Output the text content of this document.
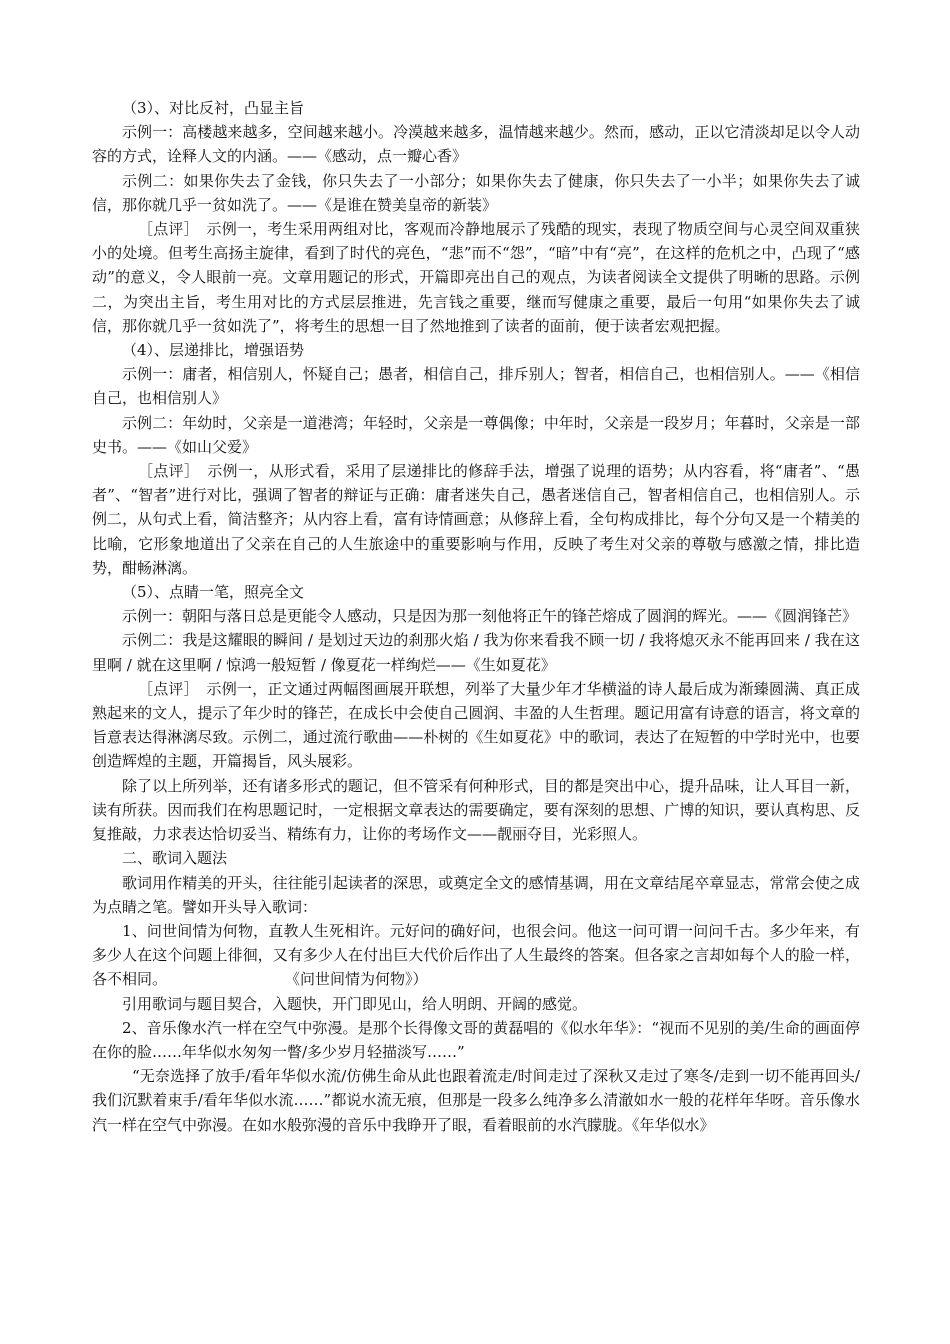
（3）、对比反衬，凸显主旨

示例一：高楼越来越多，空间越来越小。冷漠越来越多，温情越来越少。然而，感动，正以它清淡却足以令人动容的方式，诠释人文的内涵。——《感动，点一瓣心香》

示例二：如果你失去了金钱，你只失去了一小部分；如果你失去了健康，你只失去了一小半；如果你失去了诚信，那你就几乎一贫如洗了。——《是谁在赞美皇帝的新装》

［点评］　示例一，考生采用两组对比，客观而冷静地展示了残酷的现实，表现了物质空间与心灵空间双重狭小的处境。但考生高扬主旋律，看到了时代的亮色，“悲”而不“怨”，“暗”中有“亮”，在这样的危机之中，凸现了“感动”的意义，令人眼前一亮。文章用题记的形式，开篇即亮出自己的观点，为读者阅读全文提供了明晰的思路。示例二，为突出主旨，考生用对比的方式层层推进，先言钱之重要，继而写健康之重要，最后一句用“如果你失去了诚信，那你就几乎一贫如洗了”，将考生的思想一目了然地推到了读者的面前，便于读者宏观把握。

（4）、层递排比，增强语势

示例一：庸者，相信别人，怀疑自己；愚者，相信自己，排斥别人；智者，相信自己，也相信别人。——《相信自己，也相信别人》

示例二：年幼时，父亲是一道港湾；年轻时，父亲是一尊偶像；中年时，父亲是一段岁月；年暮时，父亲是一部史书。——《如山父爱》

［点评］　示例一，从形式看，采用了层递排比的修辞手法，增强了说理的语势；从内容看，将“庸者”、“愚者”、“智者”进行对比，强调了智者的辩证与正确：庸者迷失自己，愚者迷信自己，智者相信自己，也相信别人。示例二，从句式上看，简洁整齐；从内容上看，富有诗情画意；从修辞上看，全句构成排比，每个分句又是一个精美的比喻，它形象地道出了父亲在自己的人生旅途中的重要影响与作用，反映了考生对父亲的尊敬与感激之情，排比造势，酣畅淋漓。

（5）、点睛一笔，照亮全文

示例一：朝阳与落日总是更能令人感动，只是因为那一刻他将正午的锋芒熔成了圆润的辉光。——《圆润锋芒》

示例二：我是这耀眼的瞬间 / 是划过天边的刹那火焰 / 我为你来看我不顾一切 / 我将熄灭永不能再回来 / 我在这里啊 / 就在这里啊 / 惊鸿一般短暂 / 像夏花一样绚烂——《生如夏花》

［点评］　示例一，正文通过两幅图画展开联想，列举了大量少年才华横溢的诗人最后成为渐臻圆满、真正成熟起来的文人，提示了年少时的锋芒，在成长中会使自己圆润、丰盈的人生哲理。题记用富有诗意的语言，将文章的旨意表达得淋漓尽致。示例二，通过流行歌曲——朴树的《生如夏花》中的歌词，表达了在短暂的中学时光中，也要创造辉煌的主题，开篇揭旨，风头展彩。

除了以上所列举，还有诸多形式的题记，但不管采有何种形式，目的都是突出中心，提升品味，让人耳目一新，读有所获。因而我们在构思题记时，一定根据文章表达的需要确定，要有深刻的思想、广博的知识，要认真构思、反复推敲，力求表达恰切妥当、精练有力，让你的考场作文——靓丽夺目，光彩照人。

二、歌词入题法

歌词用作精美的开头，往往能引起读者的深思，或奠定全文的感情基调，用在文章结尾卒章显志，常常会使之成为点睛之笔。譬如开头导入歌词：

1、问世间情为何物，直教人生死相许。元好问的确好问，也很会问。他这一问可谓一问问千古。多少年来，有多少人在这个问题上徘徊，又有多少人在付出巨大代价后作出了人生最终的答案。但各家之言却如每个人的脸一样，各不相同。	《问世间情为何物》）

引用歌词与题目契合，入题快，开门即见山，给人明朗、开阔的感觉。

2、音乐像水汽一样在空气中弥漫。是那个长得像文哥的黄磊唱的《似水年华》：“视而不见别的美/生命的画面停在你的脸……年华似水匆匆一瞥/多少岁月轻描淡写……”

“无奈选择了放手/看年华似水流/仿佛生命从此也跟着流走/时间走过了深秋又走过了寒冬/走到一切不能再回头/我们沉默着束手/看年华似水流……”都说水流无痕，但那是一段多么纯净多么清澈如水一般的花样年华呀。音乐像水汽一样在空气中弥漫。在如水般弥漫的音乐中我睁开了眼，看着眼前的水汽朦胧。《年华似水》
